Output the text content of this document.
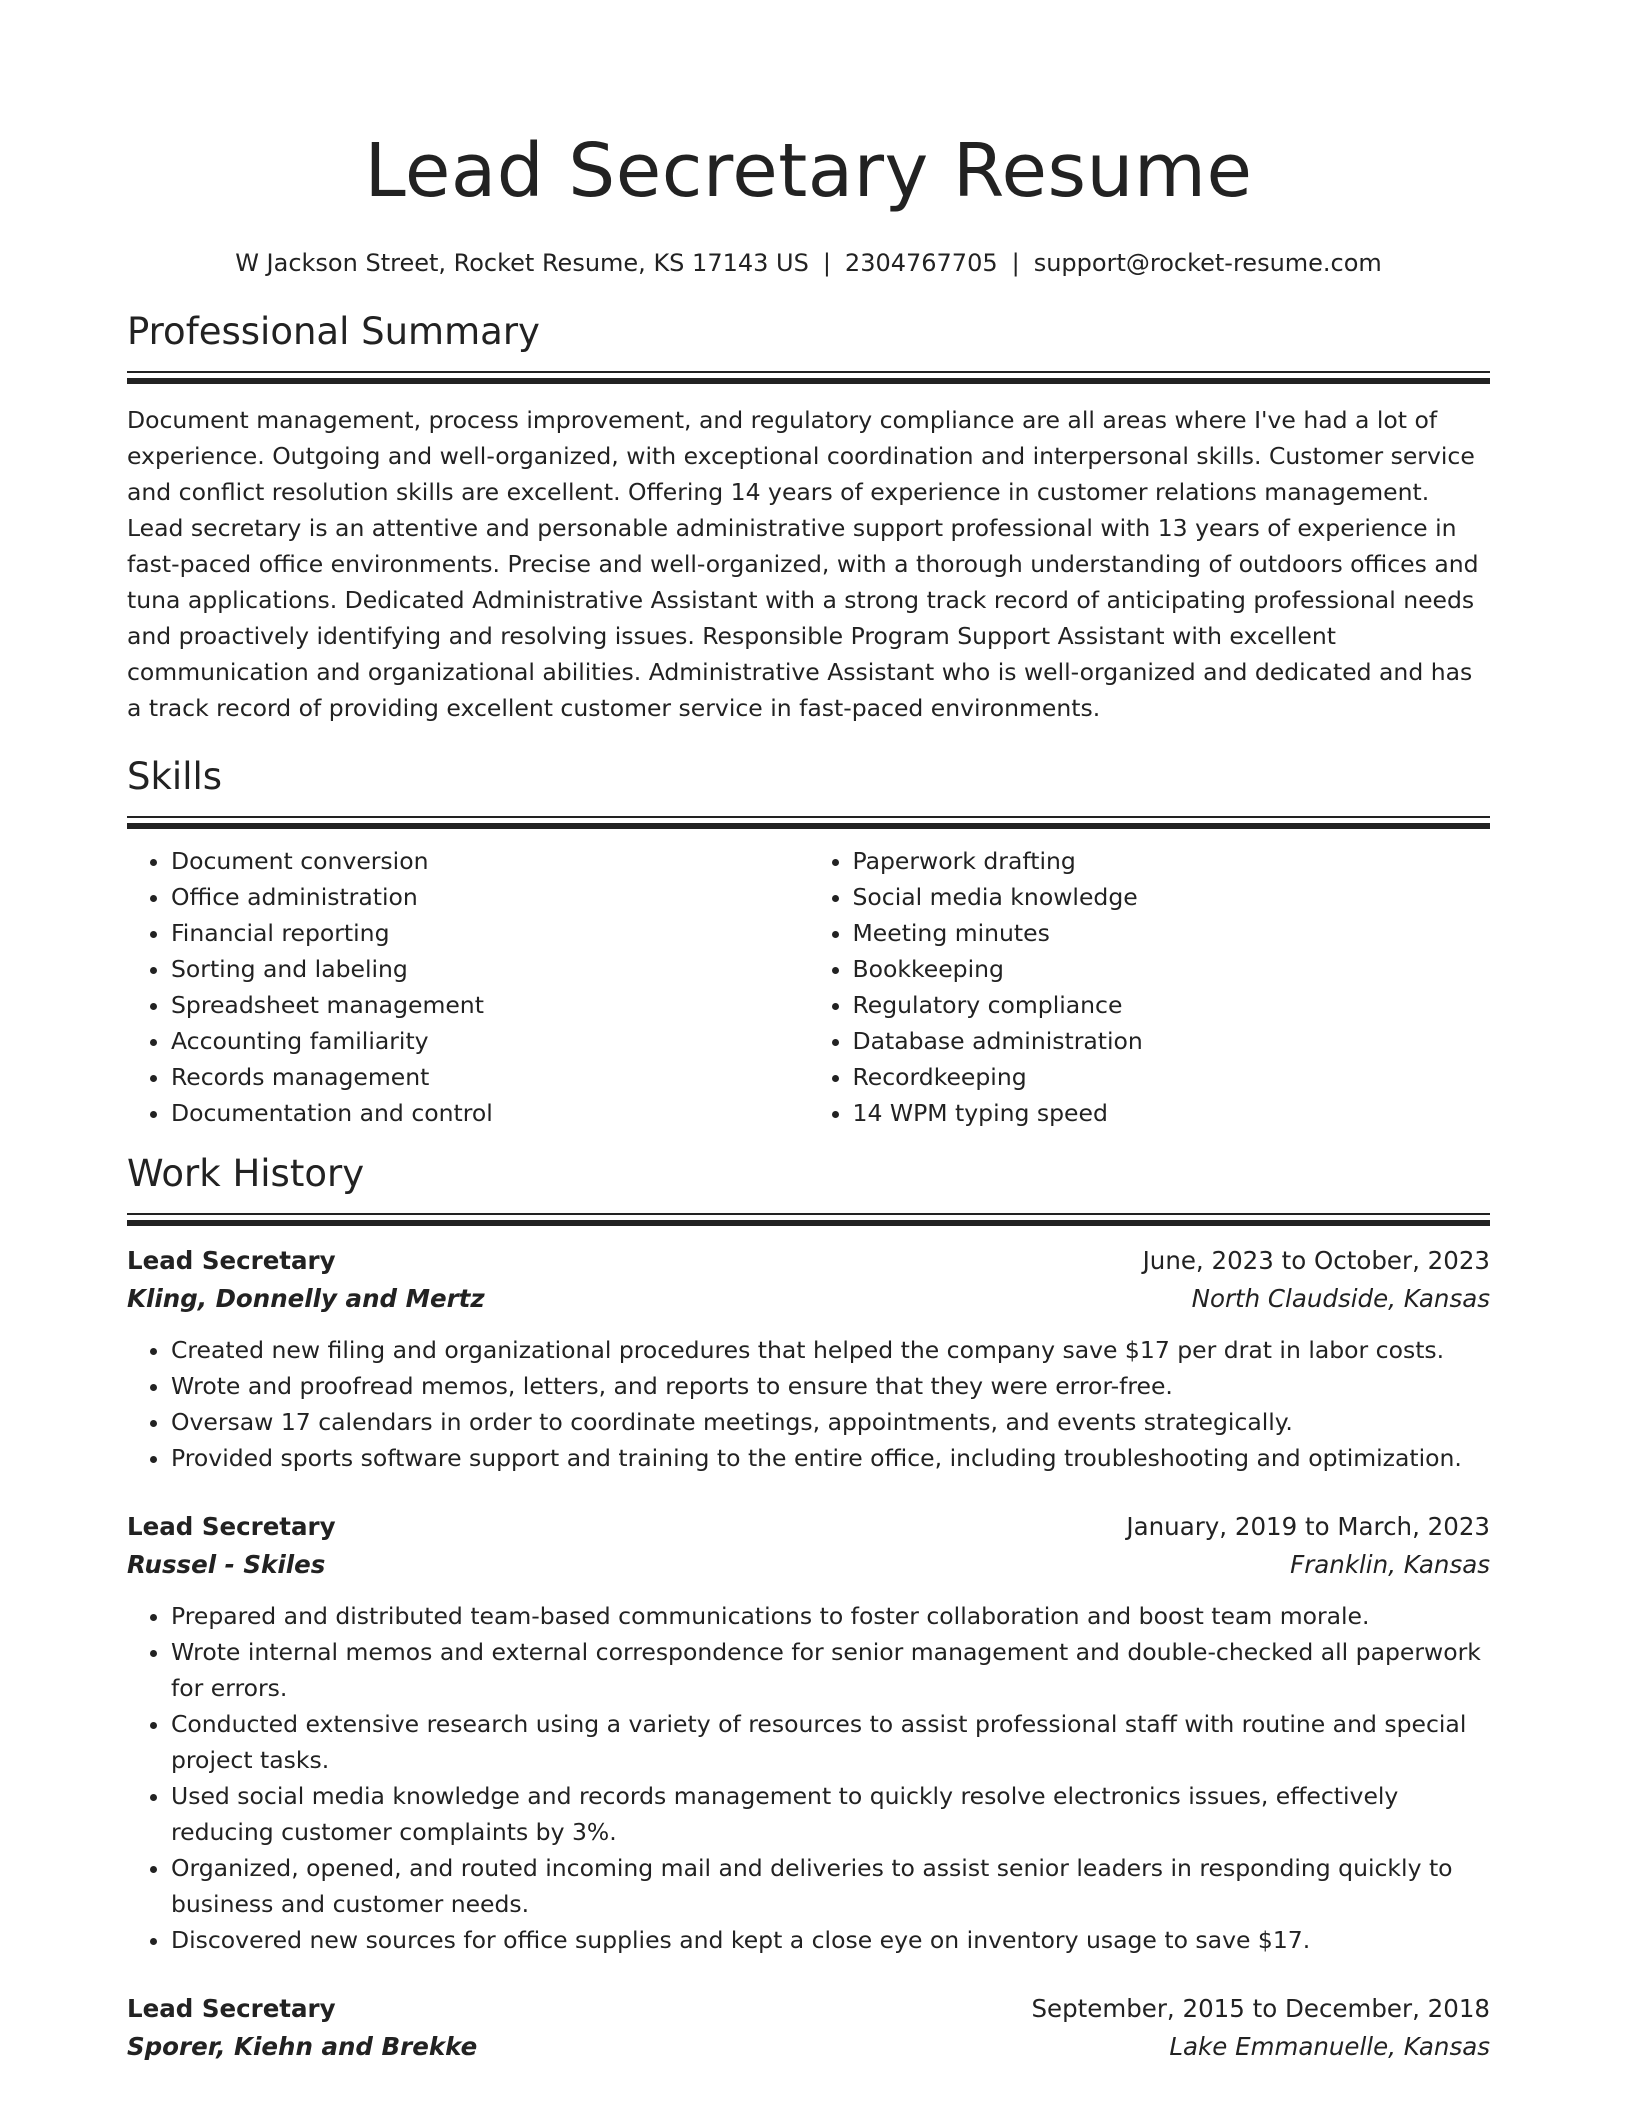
Lead Secretary Resume
W Jackson Street, Rocket Resume, KS 17143 US | 2304767705 | support@rocket-resume.com
Professional Summary

Document management, process improvement, and regulatory compliance are all areas where I've had a lot of experience. Outgoing and well-organized, with exceptional coordination and interpersonal skills. Customer service and conflict resolution skills are excellent. Offering 14 years of experience in customer relations management. Lead secretary is an attentive and personable administrative support professional with 13 years of experience in fast-paced office environments. Precise and well-organized, with a thorough understanding of outdoors offices and tuna applications. Dedicated Administrative Assistant with a strong track record of anticipating professional needs and proactively identifying and resolving issues. Responsible Program Support Assistant with excellent communication and organizational abilities. Administrative Assistant who is well-organized and dedicated and has a track record of providing excellent customer service in fast-paced environments.

Skills
• Document conversion
• Office administration
• Financial reporting
• Sorting and labeling
• Spreadsheet management
• Accounting familiarity
• Records management
• Documentation and control
• Paperwork drafting
• Social media knowledge
• Meeting minutes
• Bookkeeping
• Regulatory compliance
• Database administration
• Recordkeeping
• 14 WPM typing speed
Work History
Lead Secretary	June, 2023 to October, 2023
Kling, Donnelly and Mertz	North Claudside, Kansas
• Created new filing and organizational procedures that helped the company save $17 per drat in labor costs.
• Wrote and proofread memos, letters, and reports to ensure that they were error-free.
• Oversaw 17 calendars in order to coordinate meetings, appointments, and events strategically.
• Provided sports software support and training to the entire office, including troubleshooting and optimization.
Lead Secretary	January, 2019 to March, 2023
Russel - Skiles	Franklin, Kansas
• Prepared and distributed team-based communications to foster collaboration and boost team morale.
• Wrote internal memos and external correspondence for senior management and double-checked all paperwork for errors.
• Conducted extensive research using a variety of resources to assist professional staff with routine and special project tasks.
• Used social media knowledge and records management to quickly resolve electronics issues, effectively reducing customer complaints by 3%.
• Organized, opened, and routed incoming mail and deliveries to assist senior leaders in responding quickly to business and customer needs.
• Discovered new sources for office supplies and kept a close eye on inventory usage to save $17.
Lead Secretary	September, 2015 to December, 2018
Sporer, Kiehn and Brekke	Lake Emmanuelle, Kansas
